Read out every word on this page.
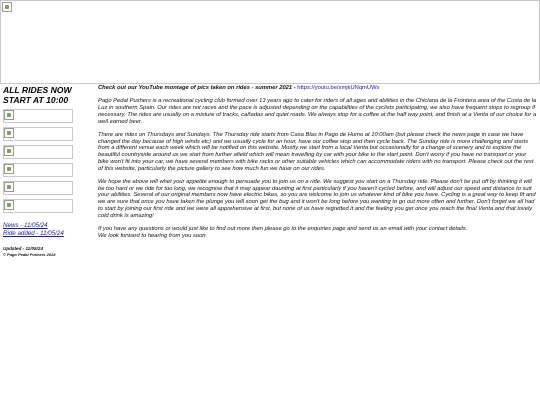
ALL RIDES NOW
START AT 10:00
News - 11/05/24
Ride added - 11/05/24
Updated - 11/05/24
© Pago Pedal Pushers 2024

Check out our YouTube montage of pics taken on rides - summer 2021 - https://youtu.be/xmjkUNqmUWs

Pago Pedal Pushers is a recreational cycling club formed over 13 years ago to cater for riders of all ages and abilities in the Chiclana de la Frontera area of the Costa de la Luz in southern Spain. Our rides are not races and the pace is adjusted depending on the capabilities of the cyclists participating, we also have frequent stops to regroup if necessary. The rides are usually on a mixture of tracks, cañadas and quiet roads. We always stop for a coffee at the half way point, and finish at a Venta of our choice for a well earned beer.

There are rides on Thursdays and Sundays. The Thursday ride starts from Casa Blas in Pago de Humo at 10:00am (but please check the news page in case we have changed the day because of high winds etc) and we usually cycle for an hour, have our coffee stop and then cycle back. The Sunday ride is more challenging and starts from a different venue each week which will be notified on this website. Mostly we start from a local Venta but occasionally for a change of scenery and to explore the beautiful countryside around us we start from further afield which will mean travelling by car with your bike to the start point. Don't worry if you have no transport or your bike won't fit into your car, we have several members with bike racks or other suitable vehicles which can accommodate riders with no transport. Please check out the rest of this website, particularly the picture gallery to see how much fun we have on our rides.

We hope the above will whet your appetite enough to persuade you to join us on a ride. We suggest you start on a Thursday ride. Please don't be put off by thinking it will be too hard or we ride for too long, we recognise that it may appear daunting at first particularly if you haven't cycled before, and will adjust our speed and distance to suit your abilities. Several of our original members now have electric bikes, so you are welcome to join us whatever kind of bike you have. Cycling is a great way to keep fit and we are sure that once you have taken the plunge you will soon get the bug and it won't be long before you wanting to go out more often and further. Don't forget we all had to start by joining our first ride and we were all apprehensive at first, but none of us have regretted it and the feeling you get once you reach the final Venta and that lovely cold drink is amazing!

If you have any questions or would just like to find out more then please go to the enquiries page and send us an email with your contact details.

We look forward to hearing from you soon.
